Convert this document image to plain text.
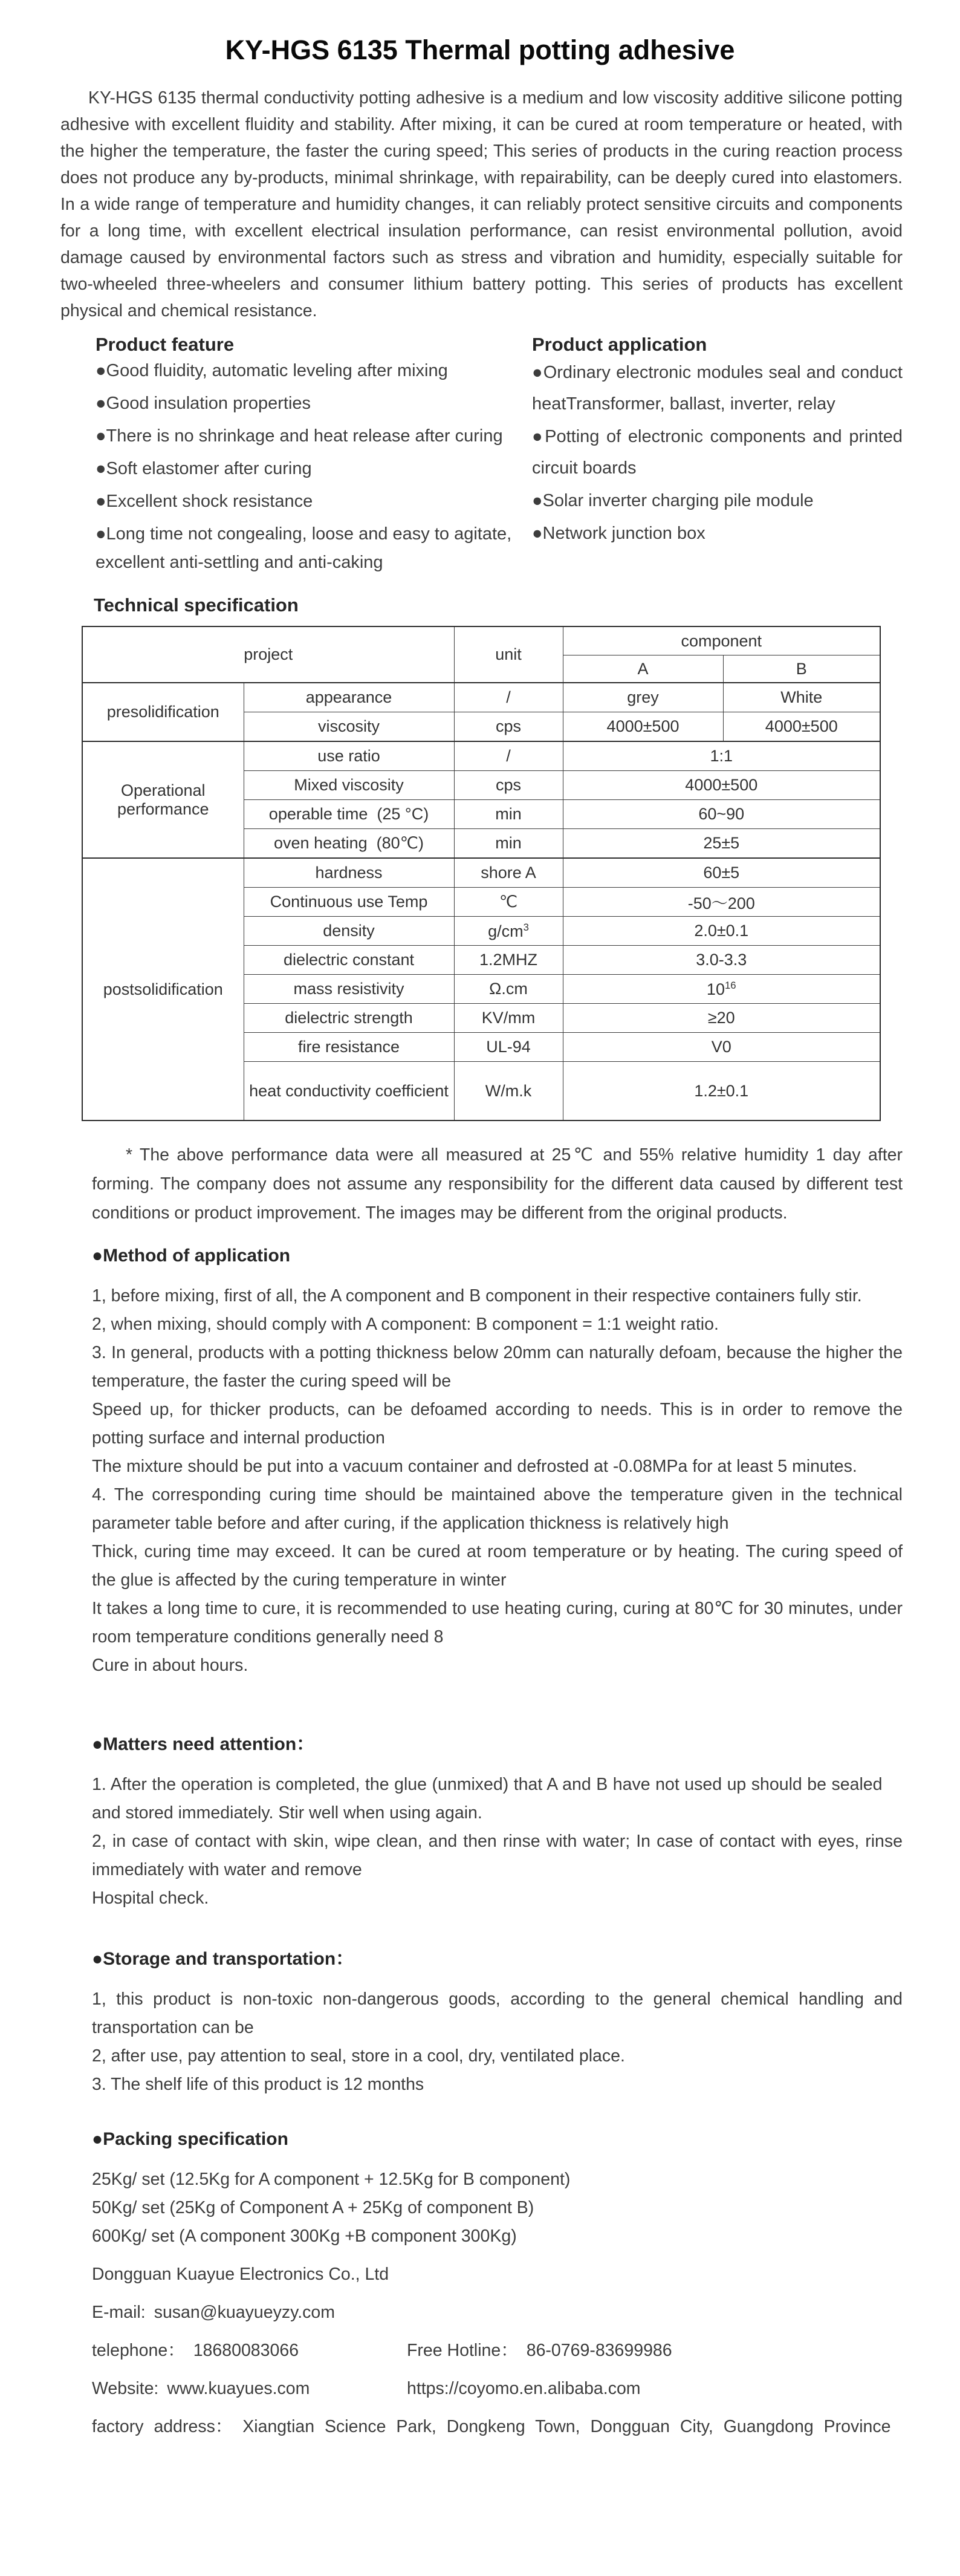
KY-HGS 6135 Thermal potting adhesive

KY-HGS 6135 thermal conductivity potting adhesive is a medium and low viscosity additive silicone potting adhesive with excellent fluidity and stability. After mixing, it can be cured at room temperature or heated, with the higher the temperature, the faster the curing speed; This series of products in the curing reaction process does not produce any by-products, minimal shrinkage, with repairability, can be deeply cured into elastomers. In a wide range of temperature and humidity changes, it can reliably protect sensitive circuits and components for a long time, with excellent electrical insulation performance, can resist environmental pollution, avoid damage caused by environmental factors such as stress and vibration and humidity, especially suitable for two-wheeled three-wheelers and consumer lithium battery potting. This series of products has excellent physical and chemical resistance.

Product feature
●Good fluidity, automatic leveling after mixing
●Good insulation properties
●There is no shrinkage and heat release after curing
●Soft elastomer after curing
●Excellent shock resistance
●Long time not congealing, loose and easy to agitate, excellent anti-settling and anti-caking
Product application
●Ordinary electronic modules seal and conduct heatTransformer, ballast, inverter, relay
●Potting of electronic components and printed circuit boards
●Solar inverter charging pile module
●Network junction box
Technical specification
project		unit	component	
			A	B
presolidification	appearance	/	grey	White
	viscosity	cps	4000±500	4000±500
Operational performance	use ratio	/	1:1	
	Mixed viscosity	cps	4000±500	
	operable time  (25 °C)	min	60~90	
	oven heating  (80℃)	min	25±5	
postsolidification	hardness	shore A	60±5	
	Continuous use Temp	℃	-50～200	
	density	$g/cm^3$	2.0±0.1	
	dielectric constant	1.2MHZ	3.0-3.3	
	mass resistivity	Ω.cm	$10^{16}$
	dielectric strength	KV/mm	≥20	
	fire resistance	UL-94	V0	
	heat conductivity coefficient	W/m.k	1.2±0.1	

* The above performance data were all measured at 25℃ and 55% relative humidity 1 day after forming. The company does not assume any responsibility for the different data caused by different test conditions or product improvement. The images may be different from the original products.

●Method of application

1, before mixing, first of all, the A component and B component in their respective containers fully stir.

2, when mixing, should comply with A component: B component = 1:1 weight ratio.

3. In general, products with a potting thickness below 20mm can naturally defoam, because the higher the temperature, the faster the curing speed will be

Speed up, for thicker products, can be defoamed according to needs. This is in order to remove the potting surface and internal production

The mixture should be put into a vacuum container and defrosted at -0.08MPa for at least 5 minutes.

4. The corresponding curing time should be maintained above the temperature given in the technical parameter table before and after curing, if the application thickness is relatively high

Thick, curing time may exceed. It can be cured at room temperature or by heating. The curing speed of the glue is affected by the curing temperature in winter

It takes a long time to cure, it is recommended to use heating curing, curing at 80℃ for 30 minutes, under room temperature conditions generally need 8

Cure in about hours.

●Matters need attention：

1. After the operation is completed, the glue (unmixed) that A and B have not used up should be sealed     and stored immediately. Stir well when using again.

2, in case of contact with skin, wipe clean, and then rinse with water; In case of contact with eyes, rinse immediately with water and remove

Hospital check.

●Storage and transportation：

1, this product is non-toxic non-dangerous goods, according to the general chemical handling and transportation can be

2, after use, pay attention to seal, store in a cool, dry, ventilated place.

3. The shelf life of this product is 12 months

●Packing specification

25Kg/ set (12.5Kg for A component + 12.5Kg for B component)

50Kg/ set (25Kg of Component A + 25Kg of component B)

600Kg/ set (A component 300Kg +B component 300Kg)

Dongguan Kuayue Electronics Co., Ltd

E-mail: susan@kuayueyzy.com

telephone： 18680083066	Free Hotline： 86-0769-83699986

Website: www.kuayues.com	https://coyomo.en.alibaba.com

factory address： Xiangtian Science Park, Dongkeng Town, Dongguan City, Guangdong Province
